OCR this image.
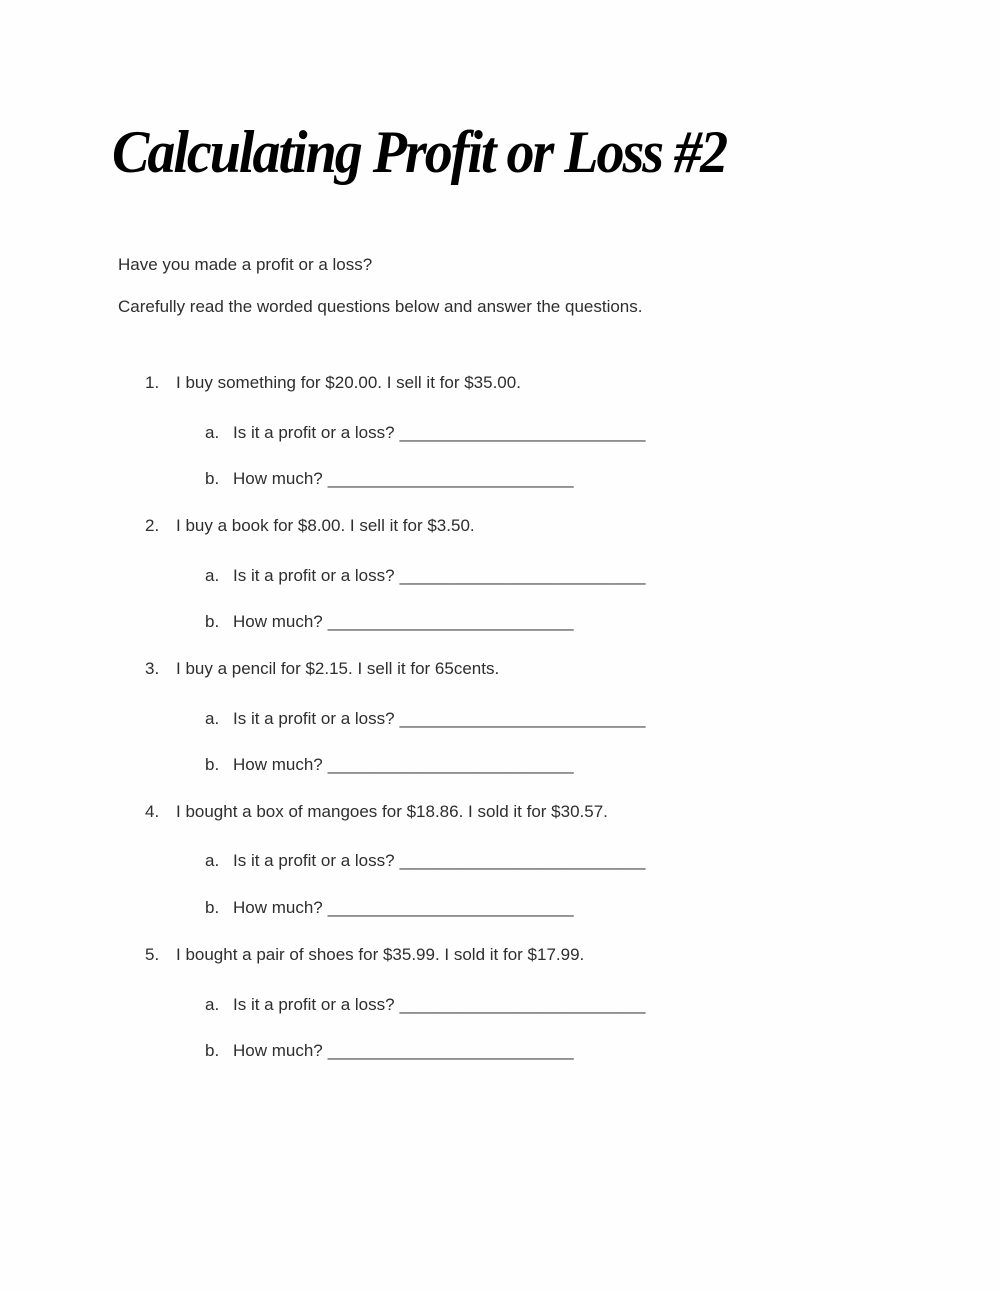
Calculating Profit or Loss #2
Have you made a profit or a loss?
Carefully read the worded questions below and answer the questions.
1. I buy something for $20.00. I sell it for $35.00.
a. Is it a profit or a loss? __________________________
b. How much? __________________________
2. I buy a book for $8.00. I sell it for $3.50.
a. Is it a profit or a loss? __________________________
b. How much? __________________________
3. I buy a pencil for $2.15. I sell it for 65cents.
a. Is it a profit or a loss? __________________________
b. How much? __________________________
4. I bought a box of mangoes for $18.86. I sold it for $30.57.
a. Is it a profit or a loss? __________________________
b. How much? __________________________
5. I bought a pair of shoes for $35.99. I sold it for $17.99.
a. Is it a profit or a loss? __________________________
b. How much? __________________________
